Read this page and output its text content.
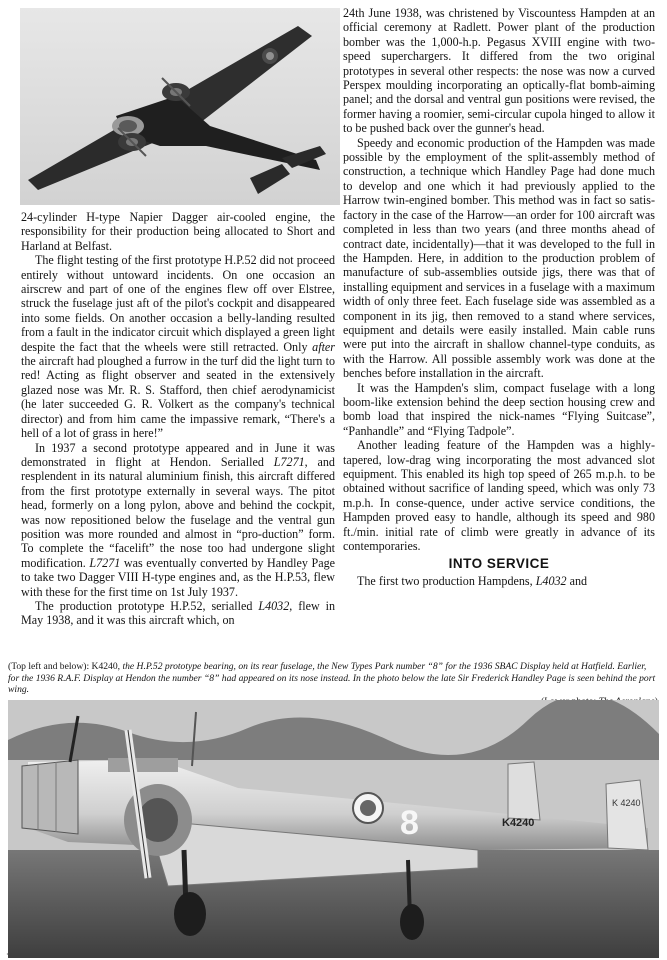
24-cylinder H-type Napier Dagger air-cooled engine, the responsibility for their production being allocated to Short and Harland at Belfast.

The flight testing of the first prototype H.P.52 did not proceed entirely without untoward incidents. On one occasion an airscrew and part of one of the engines flew off over Elstree, struck the fuselage just aft of the pilot's cockpit and disappeared into some fields. On another occasion a belly-landing resulted from a fault in the indicator circuit which displayed a green light despite the fact that the wheels were still retracted. Only after the aircraft had ploughed a furrow in the turf did the light turn to red! Acting as flight observer and seated in the extensively glazed nose was Mr. R. S. Stafford, then chief aerodynamicist (he later succeeded G. R. Volkert as the company's technical director) and from him came the impassive remark, “There's a hell of a lot of grass in here!”

In 1937 a second prototype appeared and in June it was demonstrated in flight at Hendon. Serialled L7271, and resplendent in its natural aluminium finish, this aircraft differed from the first prototype externally in several ways. The pitot head, formerly on a long pylon, above and behind the cockpit, was now repositioned below the fuselage and the ventral gun position was more rounded and almost in “pro-duction” form. To complete the “facelift” the nose too had undergone slight modification. L7271 was eventually converted by Handley Page to take two Dagger VIII H-type engines and, as the H.P.53, flew with these for the first time on 1st July 1937.

The production prototype H.P.52, serialled L4032, flew in May 1938, and it was this aircraft which, on

24th June 1938, was christened by Viscountess Hampden at an official ceremony at Radlett. Power plant of the production bomber was the 1,000-h.p. Pegasus XVIII engine with two-speed superchargers. It differed from the two original prototypes in several other respects: the nose was now a curved Perspex moulding incorporating an optically-flat bomb-aiming panel; and the dorsal and ventral gun positions were revised, the former having a roomier, semi-circular cupola hinged to allow it to be pushed back over the gunner's head.

Speedy and economic production of the Hampden was made possible by the employment of the split-assembly method of construction, a technique which Handley Page had done much to develop and one which it had previously applied to the Harrow twin-engined bomber. This method was in fact so satis-factory in the case of the Harrow—an order for 100 aircraft was completed in less than two years (and three months ahead of contract date, incidentally)—that it was developed to the full in the Hampden. Here, in addition to the production problem of manufacture of sub-assemblies outside jigs, there was that of installing equipment and services in a fuselage with a maximum width of only three feet. Each fuselage side was assembled as a component in its jig, then removed to a stand where services, equipment and details were easily installed. Main cable runs were put into the aircraft in shallow channel-type conduits, as with the Harrow. All possible assembly work was done at the benches before installation in the aircraft.

It was the Hampden's slim, compact fuselage with a long boom-like extension behind the deep section housing crew and bomb load that inspired the nick-names “Flying Suitcase”, “Panhandle” and “Flying Tadpole”.

Another leading feature of the Hampden was a highly-tapered, low-drag wing incorporating the most advanced slot equipment. This enabled its high top speed of 265 m.p.h. to be obtained without sacrifice of landing speed, which was only 73 m.p.h. In conse-quence, under active service conditions, the Hampden proved easy to handle, although its speed and 980 ft./min. initial rate of climb were greatly in advance of its contemporaries.

INTO SERVICE

The first two production Hampdens, L4032 and

(Top left and below): K4240, the H.P.52 prototype bearing, on its rear fuselage, the New Types Park number “8” for the 1936 SBAC Display held at Hatfield. Earlier, for the 1936 R.A.F. Display at Hendon the number “8” had appeared on its nose instead. In the photo below the late Sir Frederick Handley Page is seen behind the port wing.
8	K4240
K 4240
·
